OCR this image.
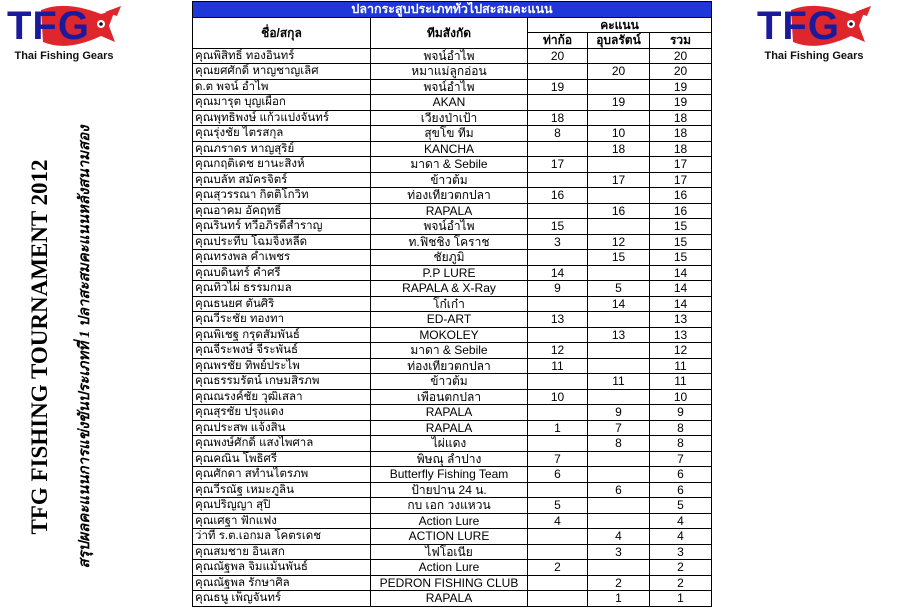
TFG
Thai Fishing Gears
TFG
Thai Fishing Gears
TFG FISHING TOURNAMENT 2012	สรุปผลคะแนนการแข่งขันประเภทที่ 1 ปลาสะสมคะแนนหลังสนามสอง
ปลากระสูบประเภททั่วไปสะสมคะแนน				
ชื่อ/สกุล	ทีมสังกัด	คะแนน		
		ท่าก้อ	อุบลรัตน์	รวม
คุณพิสิทธิ์ ทองอินทร์	พจน์อำไพ	20		20
คุณยศศักดิ์ หาญชาญเลิศ	หมาแม่ลูกอ่อน		20	20
ด.ต พจน์ อำไพ	พจน์อำไพ	19		19
คุณมารุต บุญเผือก	AKAN		19	19
คุณพุทธิพงษ์ แก้วแปงจันทร์	เวียงป่าเป้า	18		18
คุณรุ่งชัย ไตรสกุล	สุขโข ทีม	8	10	18
คุณภราดร หาญสุริย์	KANCHA		18	18
คุณกฤติเดช ยานะสิงห์	มาดา & Sebile	17		17
คุณบลัท สมัครจิตร์	ข้าวต้ม		17	17
คุณสุวรรณา กิตติโกวิท	ท่องเที่ยวตกปลา	16		16
คุณอาคม อัคฤทธิ์	RAPALA		16	16
คุณรินทร์ ทวีอภิรดีสำราญ	พจน์อำไพ	15		15
คุณประทีบ โฉมจิ้งหลีด	ท.ฟิชชิ่ง โคราช	3	12	15
คุณทรงพล คำเพชร	ชัยภูมิ		15	15
คุณบดินทร์ คำศรี	P.P LURE	14		14
คุณทิวไผ่ ธรรมกมล	RAPALA & X-Ray	9	5	14
คุณธนยศ ตันศิริ	โก๋เก๋า		14	14
คุณวีระชัย ทองทา	ED-ART	13		13
คุณพิเชฐ กรุดสัมพันธ์	MOKOLEY		13	13
คุณจีระพงษ์ จีระพันธ์	มาดา & Sebile	12		12
คุณพรชัย ทิพย์ประไพ	ท่องเที่ยวตกปลา	11		11
คุณธรรมรัตน์ เกษมสิรภพ	ข้าวต้ม		11	11
คุณณรงค์ชัย วุฒิเสลา	เพื่อนตกปลา	10		10
คุณสุรชัย ปรุงแดง	RAPALA		9	9
คุณประสพ แจ้งสิน	RAPALA	1	7	8
คุณพงษ์ศักดิ์ แสงไพศาล	ไผ่แดง		8	8
คุณคณิน โพธิศรี	พิษณุ ลำปาง	7		7
คุณศักดา สทำนไตรภพ	Butterfly Fishing Team	6		6
คุณวีรณัฐ เหมะภูลิน	ป้ายปาน 24 น.		6	6
คุณปริญญา สุปิ	กบ เอก วงแหวน	5		5
คุณเศฐา ฟักแฟง	Action Lure	4		4
ว่าที่ ร.ต.เอกมล โคตรเดช	ACTION LURE		4	4
คุณสมชาย อินเสก	ไฟโอเนีย		3	3
คุณณัฐพล จิมแม้นพันธ์	Action Lure	2		2
คุณณัฐพล รักษาศิล	PEDRON FISHING CLUB		2	2
คุณธนู เพ็ญจันทร์	RAPALA		1	1
